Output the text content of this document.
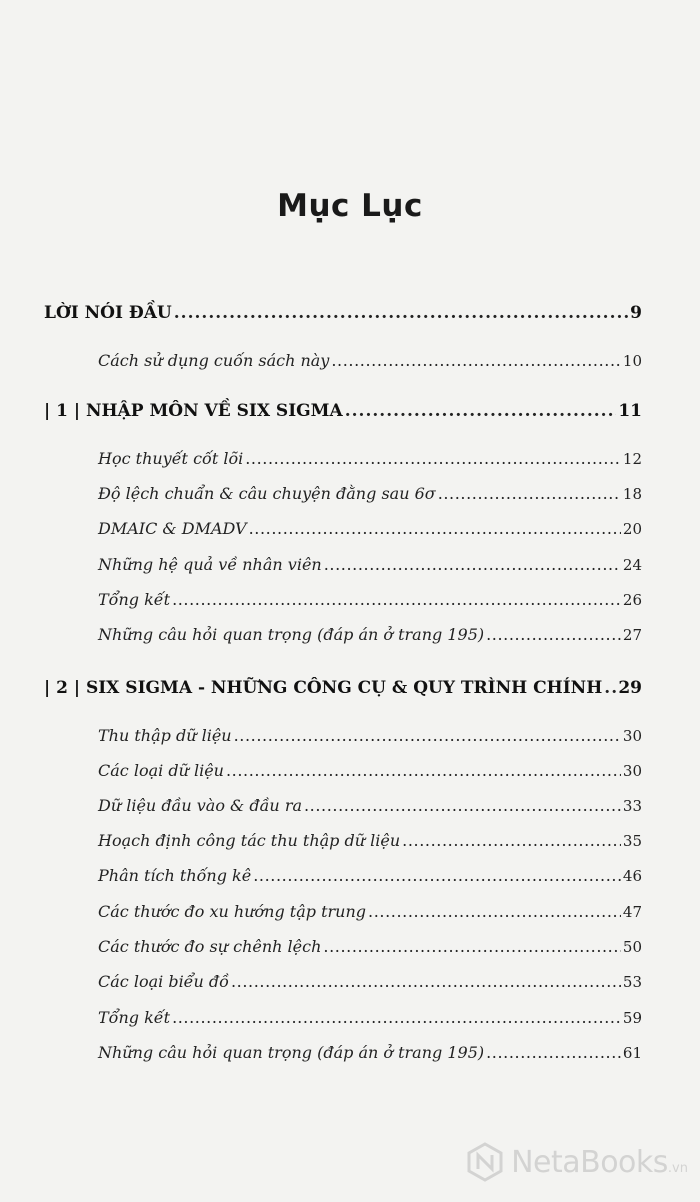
Mục Lục
LỜI NÓI ĐẦU .....	9
Cách sử dụng cuốn sách này .....	10
| 1 | NHẬP MÔN VỀ SIX SIGMA .....	11
Học thuyết cốt lõi .....	12
Độ lệch chuẩn & câu chuyện đằng sau 6σ .....	18
DMAIC & DMADV .....	20
Những hệ quả về nhân viên .....	24
Tổng kết .....	26
Những câu hỏi quan trọng (đáp án ở trang 195) .....	27
| 2 | SIX SIGMA - NHỮNG CÔNG CỤ & QUY TRÌNH CHÍNH ..... 29
Thu thập dữ liệu .....	30
Các loại dữ liệu .....	30
Dữ liệu đầu vào & đầu ra .....	33
Hoạch định công tác thu thập dữ liệu .....	35
Phân tích thống kê .....	46
Các thước đo xu hướng tập trung .....	47
Các thước đo sự chênh lệch .....	50
Các loại biểu đồ .....	53
Tổng kết .....	59
Những câu hỏi quan trọng (đáp án ở trang 195) .....	61
NetaBooks .vn
